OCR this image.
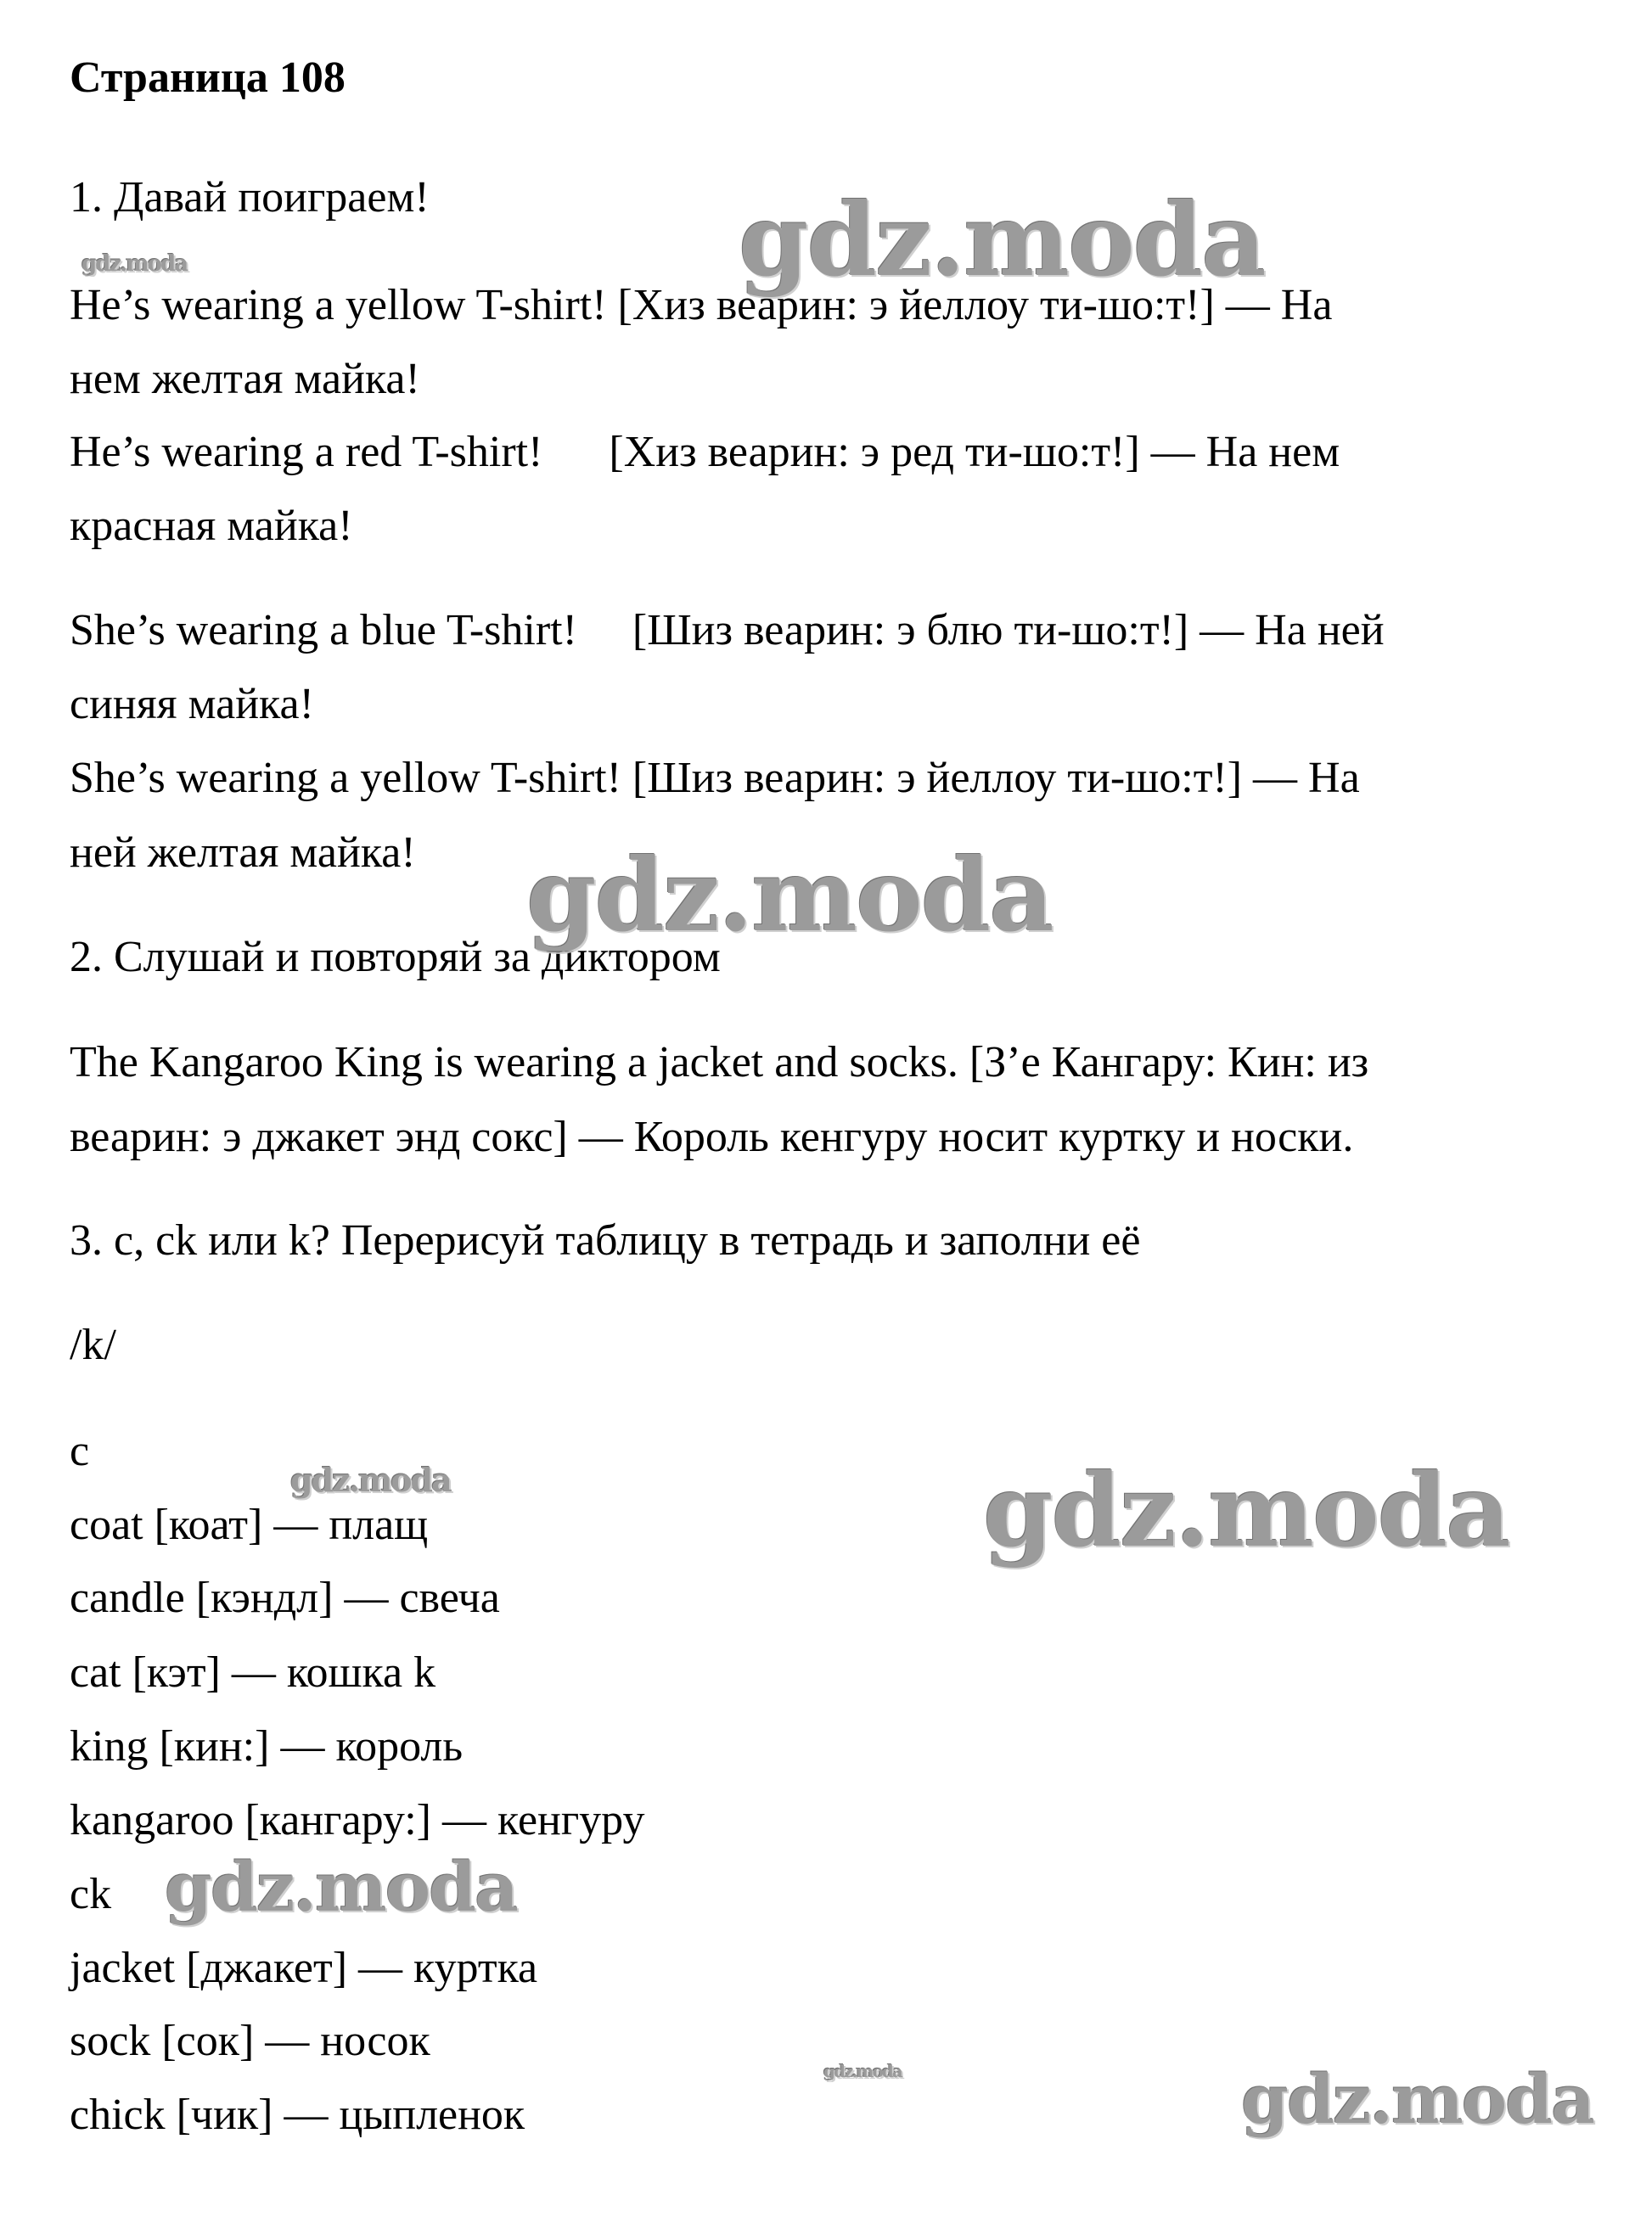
Страница 108

1. Давай поиграем!

He’s wearing a yellow T-shirt! [Хиз веарин: э йеллоу ти-шо:т!] — На

нем желтая майка!

He’s wearing a red T-shirt!      [Хиз веарин: э ред ти-шо:т!] — На нем

красная майка!

She’s wearing a blue T-shirt!     [Шиз веарин: э блю ти-шо:т!] — На ней

синяя майка!

She’s wearing a yellow T-shirt! [Шиз веарин: э йеллоу ти-шо:т!] — На

ней желтая майка!

2. Слушай и повторяй за диктором

The Kangaroo King is wearing a jacket and socks. [З’е Кангару: Кин: из

веарин: э джакет энд сокс] — Король кенгуру носит куртку и носки.

3. c, ck или k? Перерисуй таблицу в тетрадь и заполни её

/k/

c

coat [коат] — плащ

candle [кэндл] — свеча

cat [кэт] — кошка k

king [кин:] — король

kangaroo [кангару:] — кенгуру

ck

jacket [джакет] — куртка

sock [сок] — носок

chick [чик] — цыпленок

gdz.moda
gdz.moda
gdz.moda
gdz.moda	gdz.moda
gdz.moda
gdz.moda	gdz.moda
